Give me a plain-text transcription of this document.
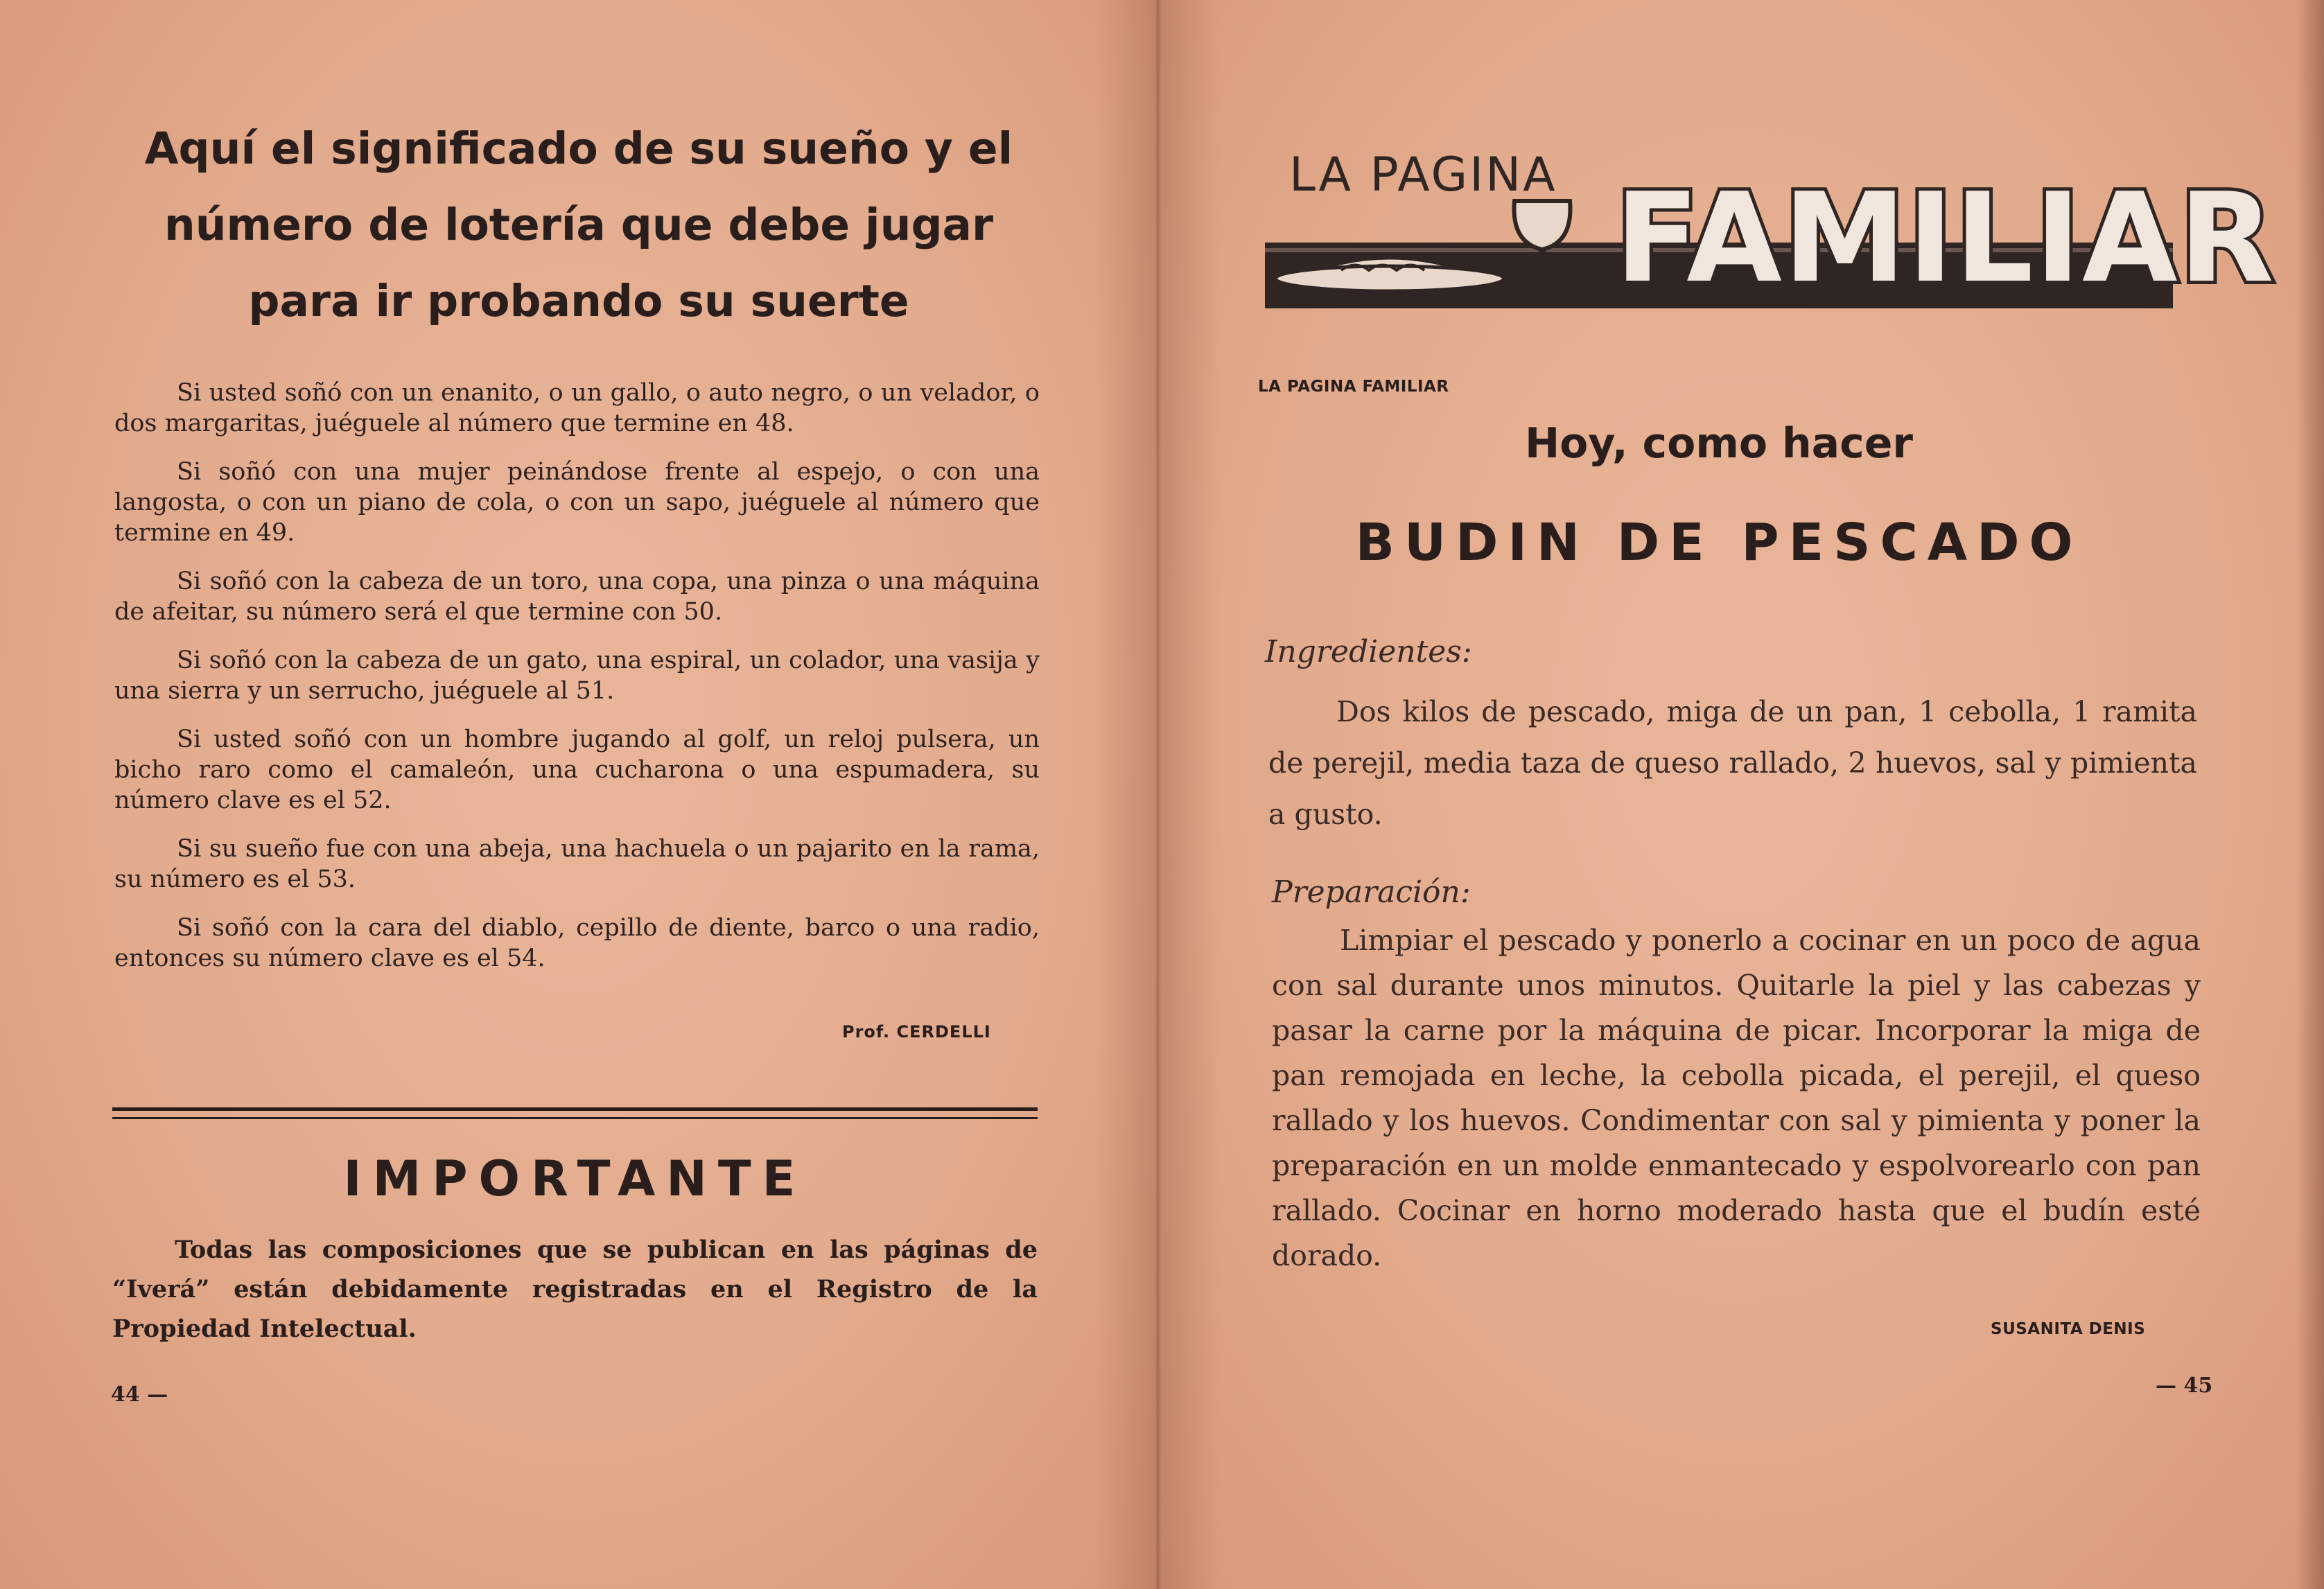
Aquí el significado de su sueño y el número de lotería que debe jugar para ir probando su suerte

Si usted soñó con un enanito, o un gallo, o auto negro, o un velador, o dos margaritas, juéguele al número que termine en 48.

Si soñó con una mujer peinándose frente al espejo, o con una langosta, o con un piano de cola, o con un sapo, juéguele al número que termine en 49.

Si soñó con la cabeza de un toro, una copa, una pinza o una máquina de afeitar, su número será el que termine con 50.

Si soñó con la cabeza de un gato, una espiral, un colador, una vasija y una sierra y un serrucho, juéguele al 51.

Si usted soñó con un hombre jugando al golf, un reloj pulsera, un bicho raro como el camaleón, una cucharona o una espumadera, su número clave es el 52.

Si su sueño fue con una abeja, una hachuela o un pajarito en la rama, su número es el 53.

Si soñó con la cara del diablo, cepillo de diente, barco o una radio, entonces su número clave es el 54.

Prof. CERDELLI
IMPORTANTE

Todas las composiciones que se publican en las páginas de “Iverá” están debidamente registradas en el Registro de la Propiedad Intelectual.

44 —
LA PAGINA FAMILIAR
LA PAGINA FAMILIAR
Hoy, como hacer
BUDIN DE PESCADO
Ingredientes:

Dos kilos de pescado, miga de un pan, 1 cebolla, 1 ramita de perejil, media taza de queso rallado, 2 huevos, sal y pimienta a gusto.

Preparación:

Limpiar el pescado y ponerlo a cocinar en un poco de agua con sal durante unos minutos. Quitarle la piel y las cabezas y pasar la carne por la máquina de picar. Incorporar la miga de pan remojada en leche, la cebolla picada, el perejil, el queso rallado y los huevos. Condimentar con sal y pimienta y poner la preparación en un molde enmantecado y espolvorearlo con pan rallado. Cocinar en horno moderado hasta que el budín esté dorado.

SUSANITA DENIS
— 45
